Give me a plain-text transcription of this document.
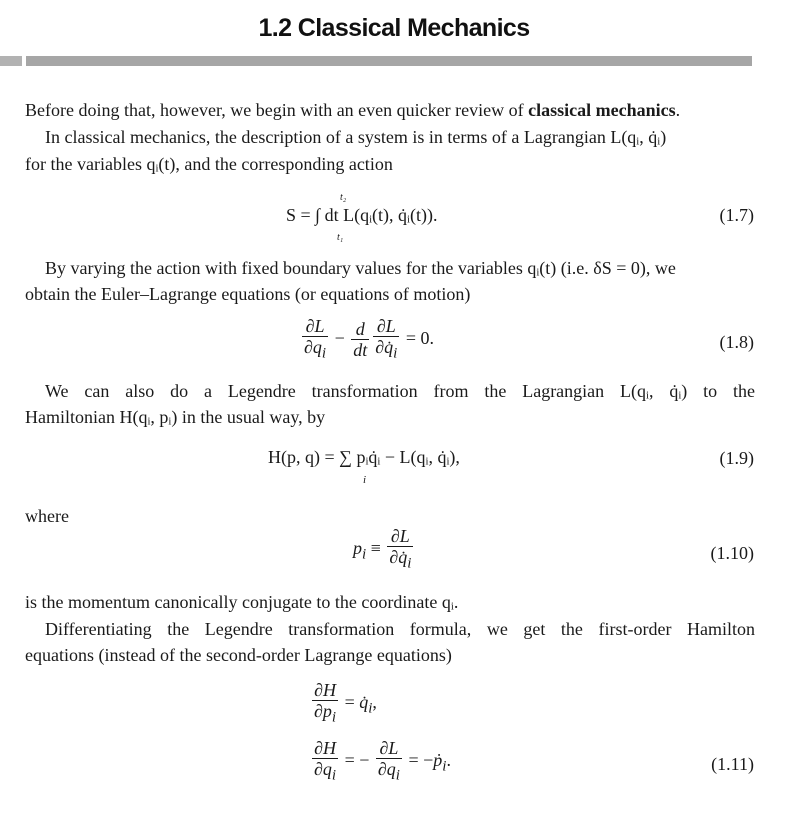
1.2 Classical Mechanics
Before doing that, however, we begin with an even quicker review of classical mechanics.
In classical mechanics, the description of a system is in terms of a Lagrangian L(qᵢ, q̇ᵢ)
for the variables qᵢ(t), and the corresponding action
S = ∫ dt L(qᵢ(t), q̇ᵢ(t)).
t₂
t₁
(1.7)
By varying the action with fixed boundary values for the variables qᵢ(t) (i.e. δS = 0), we
obtain the Euler–Lagrange equations (or equations of motion)
$\frac{\partial L}{\partial q_i} - \frac{d}{dt} \frac{\partial L}{\partial q̇_i} = 0$.	(1.8)
We can also do a Legendre transformation from the Lagrangian L(qᵢ, q̇ᵢ) to the
Hamiltonian H(qᵢ, pᵢ) in the usual way, by
H(p, q) = ∑ pᵢq̇ᵢ − L(qᵢ, q̇ᵢ),
i
(1.9)
where
$p_i \equiv \frac{\partial L}{\partial q̇_i}$	(1.10)
is the momentum canonically conjugate to the coordinate qᵢ.
Differentiating the Legendre transformation formula, we get the first-order Hamilton
equations (instead of the second-order Lagrange equations)
$\frac{\partial H}{\partial p_i}$ = $q̇_i$,
$\frac{\partial H}{\partial q_i}$ = − $\frac{\partial L}{\partial q_i}$ = −ṗ$_i$.	(1.11)
